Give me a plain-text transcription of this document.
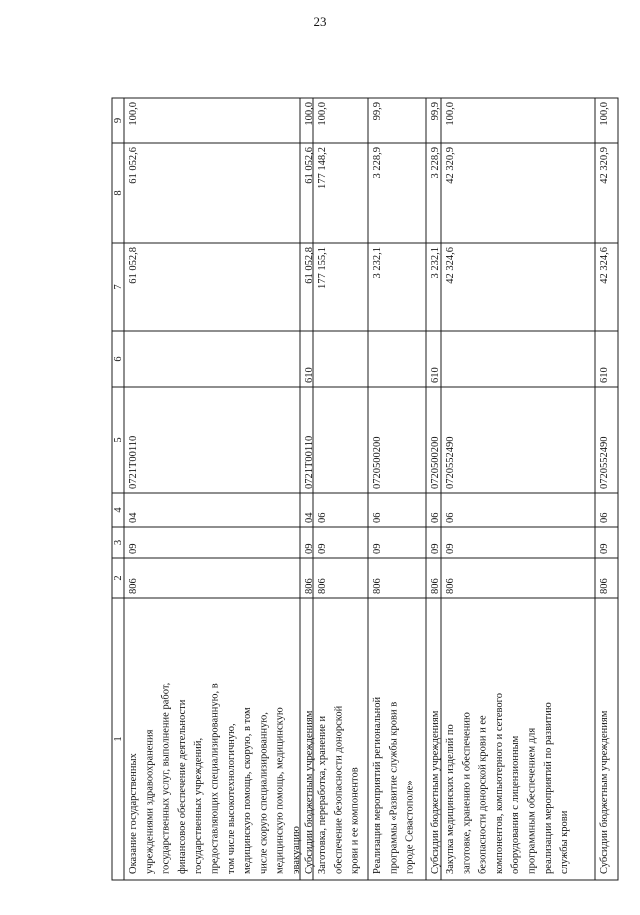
23
1
2
3
4
5
6
7
8
9
Оказание государственных учреждениями здравоохранения государственных услуг, выполнение работ, финансовое обеспечение деятельности государственных учреждений, предоставляющих специализированную, в том числе высокотехнологичную, медицинскую помощь, скорую, в том числе скорую специализированную, медицинскую помощь, медицинскую эвакуацию
806
09
04
0721Т00110
61 052,8
61 052,6
100,0
Субсидии бюджетным учреждениям
806
09
04
0721Т00110
610
61 052,8
61 052,6
100,0
Заготовка, переработка, хранение и обеспечение безопасности донорской крови и ее компонентов
806
09
06
177 155,1
177 148,2
100,0
Реализация мероприятий региональной программы «Развитие службы крови в городе Севастополе»
806
09
06
0720500200
3 232,1
3 228,9
99,9
Субсидии бюджетным учреждениям
806
09
06
0720500200
610
3 232,1
3 228,9
99,9
Закупка медицинских изделий по заготовке, хранению и обеспечению безопасности донорской крови и ее компонентов, компьютерного и сетевого оборудования с лицензионным программным обеспечением для реализации мероприятий по развитию службы крови
806
09
06
0720552490
42 324,6
42 320,9
100,0
Субсидии бюджетным учреждениям
806
09
06
0720552490
610
42 324,6
42 320,9
100,0
